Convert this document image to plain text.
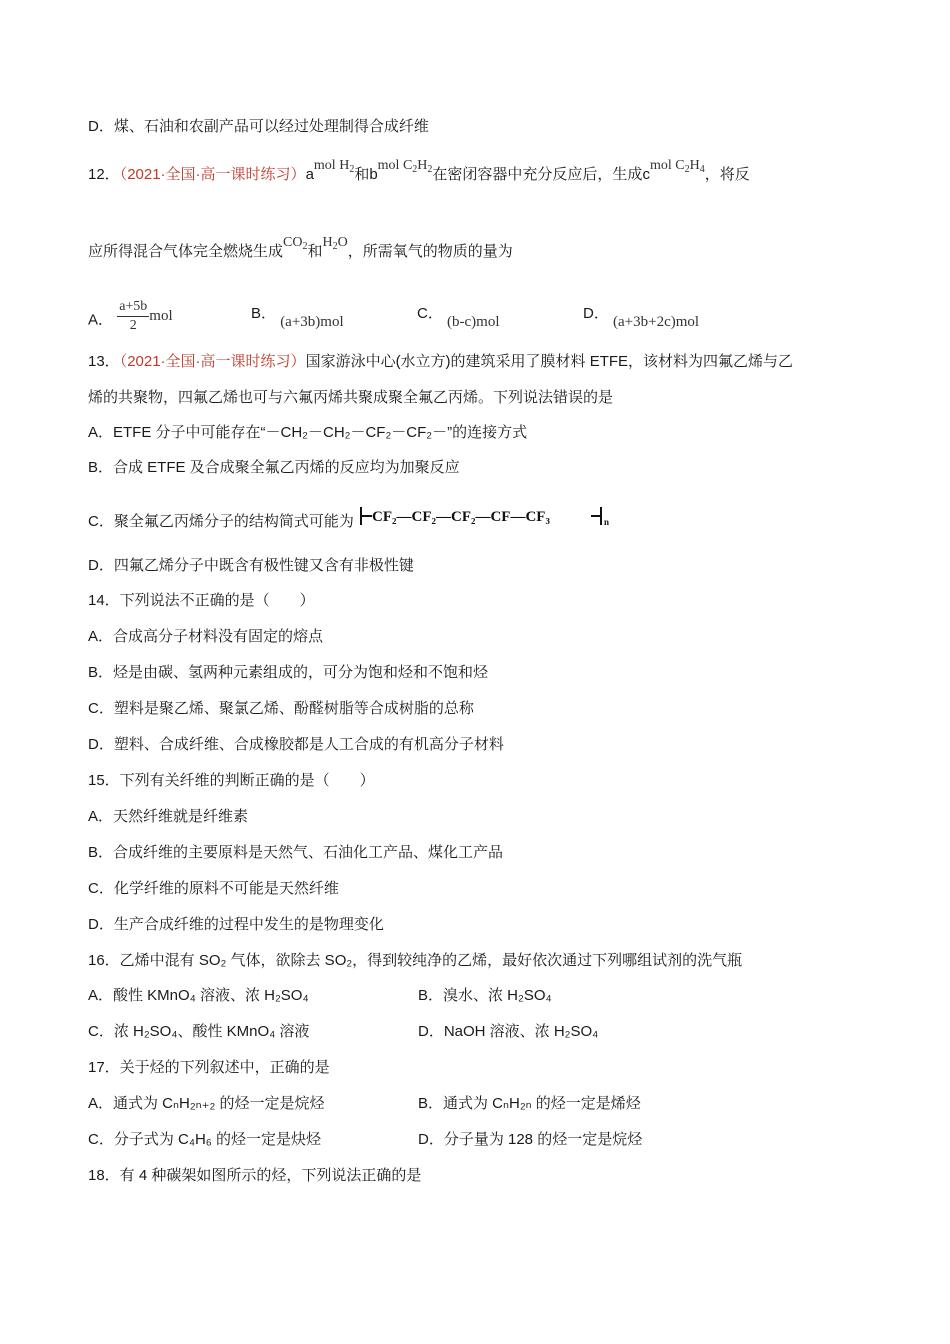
D．煤、石油和农副产品可以经过处理制得合成纤维
12．（2021·全国·高一课时练习）amol $H_2$和bmol $C_2H_2$在密闭容器中充分反应后，生成cmol $C_2H_4$，将反
应所得混合气体完全燃烧生成$CO_2$和$H_2O$，所需氧气的物质的量为
A． $\frac{a+5b}{2}$ mol	B． (a+3b)mol	C． (b-c)mol	D． (a+3b+2c)mol
13．（2021·全国·高一课时练习）国家游泳中心(水立方)的建筑采用了膜材料 ETFE，该材料为四氟乙烯与乙
烯的共聚物，四氟乙烯也可与六氟丙烯共聚成聚全氟乙丙烯。下列说法错误的是
A．ETFE 分子中可能存在“－CH₂－CH₂－CF₂－CF₂－”的连接方式
B．合成 ETFE 及合成聚全氟乙丙烯的反应均为加聚反应
C．聚全氟乙丙烯分子的结构简式可能为 CF₂—CF₂—CF₂—CF—CF₃	n
D．四氟乙烯分子中既含有极性键又含有非极性键
14．下列说法不正确的是（　　）
A．合成高分子材料没有固定的熔点
B．烃是由碳、氢两种元素组成的，可分为饱和烃和不饱和烃
C．塑料是聚乙烯、聚氯乙烯、酚醛树脂等合成树脂的总称
D．塑料、合成纤维、合成橡胶都是人工合成的有机高分子材料
15．下列有关纤维的判断正确的是（　　）
A．天然纤维就是纤维素
B．合成纤维的主要原料是天然气、石油化工产品、煤化工产品
C．化学纤维的原料不可能是天然纤维
D．生产合成纤维的过程中发生的是物理变化
16．乙烯中混有 SO₂ 气体，欲除去 SO₂，得到较纯净的乙烯，最好依次通过下列哪组试剂的洗气瓶
A．酸性 KMnO₄ 溶液、浓 H₂SO₄	B．溴水、浓 H₂SO₄
C．浓 H₂SO₄、酸性 KMnO₄ 溶液	D．NaOH 溶液、浓 H₂SO₄
17．关于烃的下列叙述中，正确的是
A．通式为 CₙH₂ₙ₊₂ 的烃一定是烷烃	B．通式为 CₙH₂ₙ 的烃一定是烯烃
C．分子式为 C₄H₆ 的烃一定是炔烃	D．分子量为 128 的烃一定是烷烃
18．有 4 种碳架如图所示的烃，下列说法正确的是
